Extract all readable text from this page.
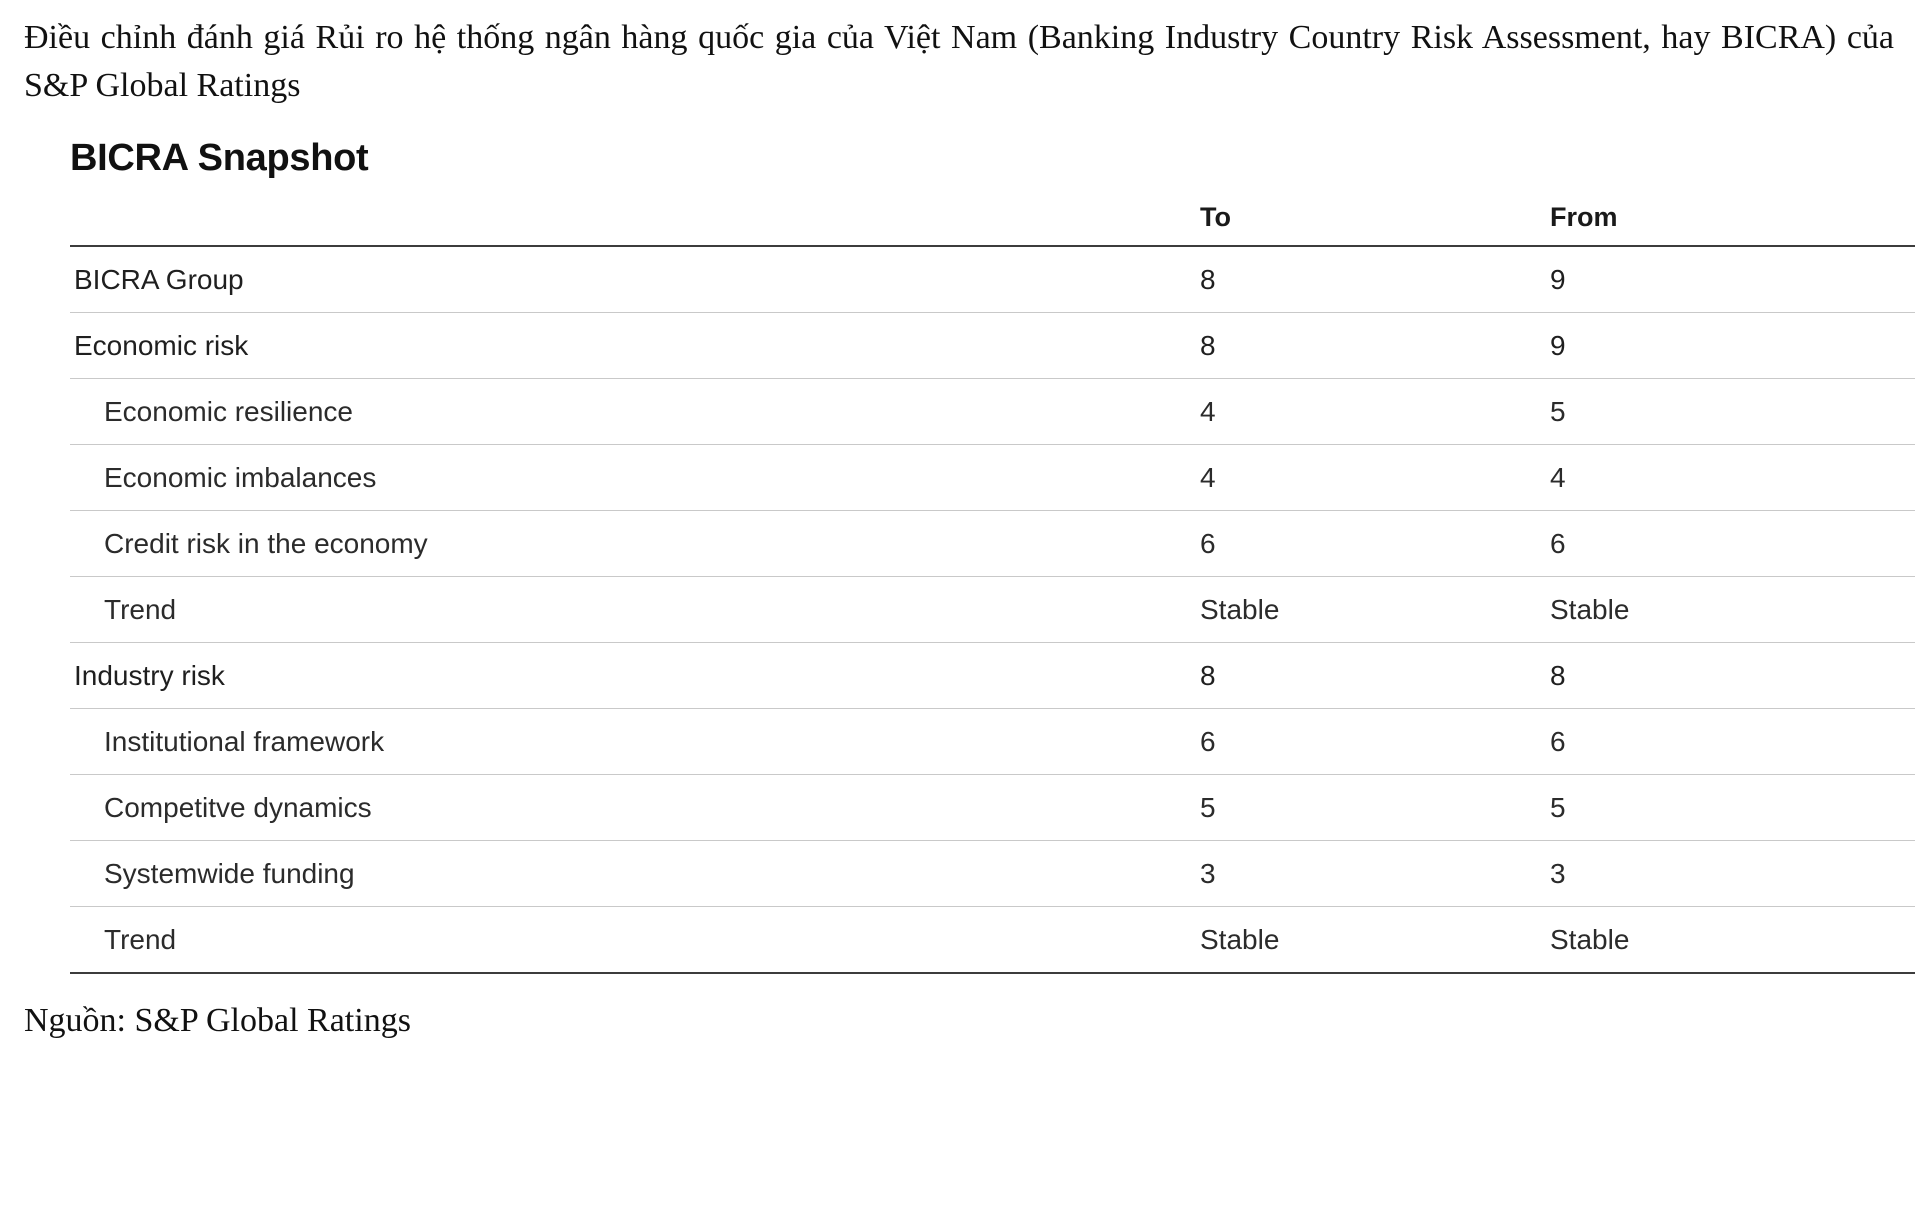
Điều chỉnh đánh giá Rủi ro hệ thống ngân hàng quốc gia của Việt Nam (Banking Industry Country Risk Assessment, hay BICRA) của S&P Global Ratings
BICRA Snapshot
	To	From
BICRA Group	8	9
Economic risk	8	9
Economic resilience	4	5
Economic imbalances	4	4
Credit risk in the economy	6	6
Trend	Stable	Stable
Industry risk	8	8
Institutional framework	6	6
Competitve dynamics	5	5
Systemwide funding	3	3
Trend	Stable	Stable
Nguồn: S&P Global Ratings
